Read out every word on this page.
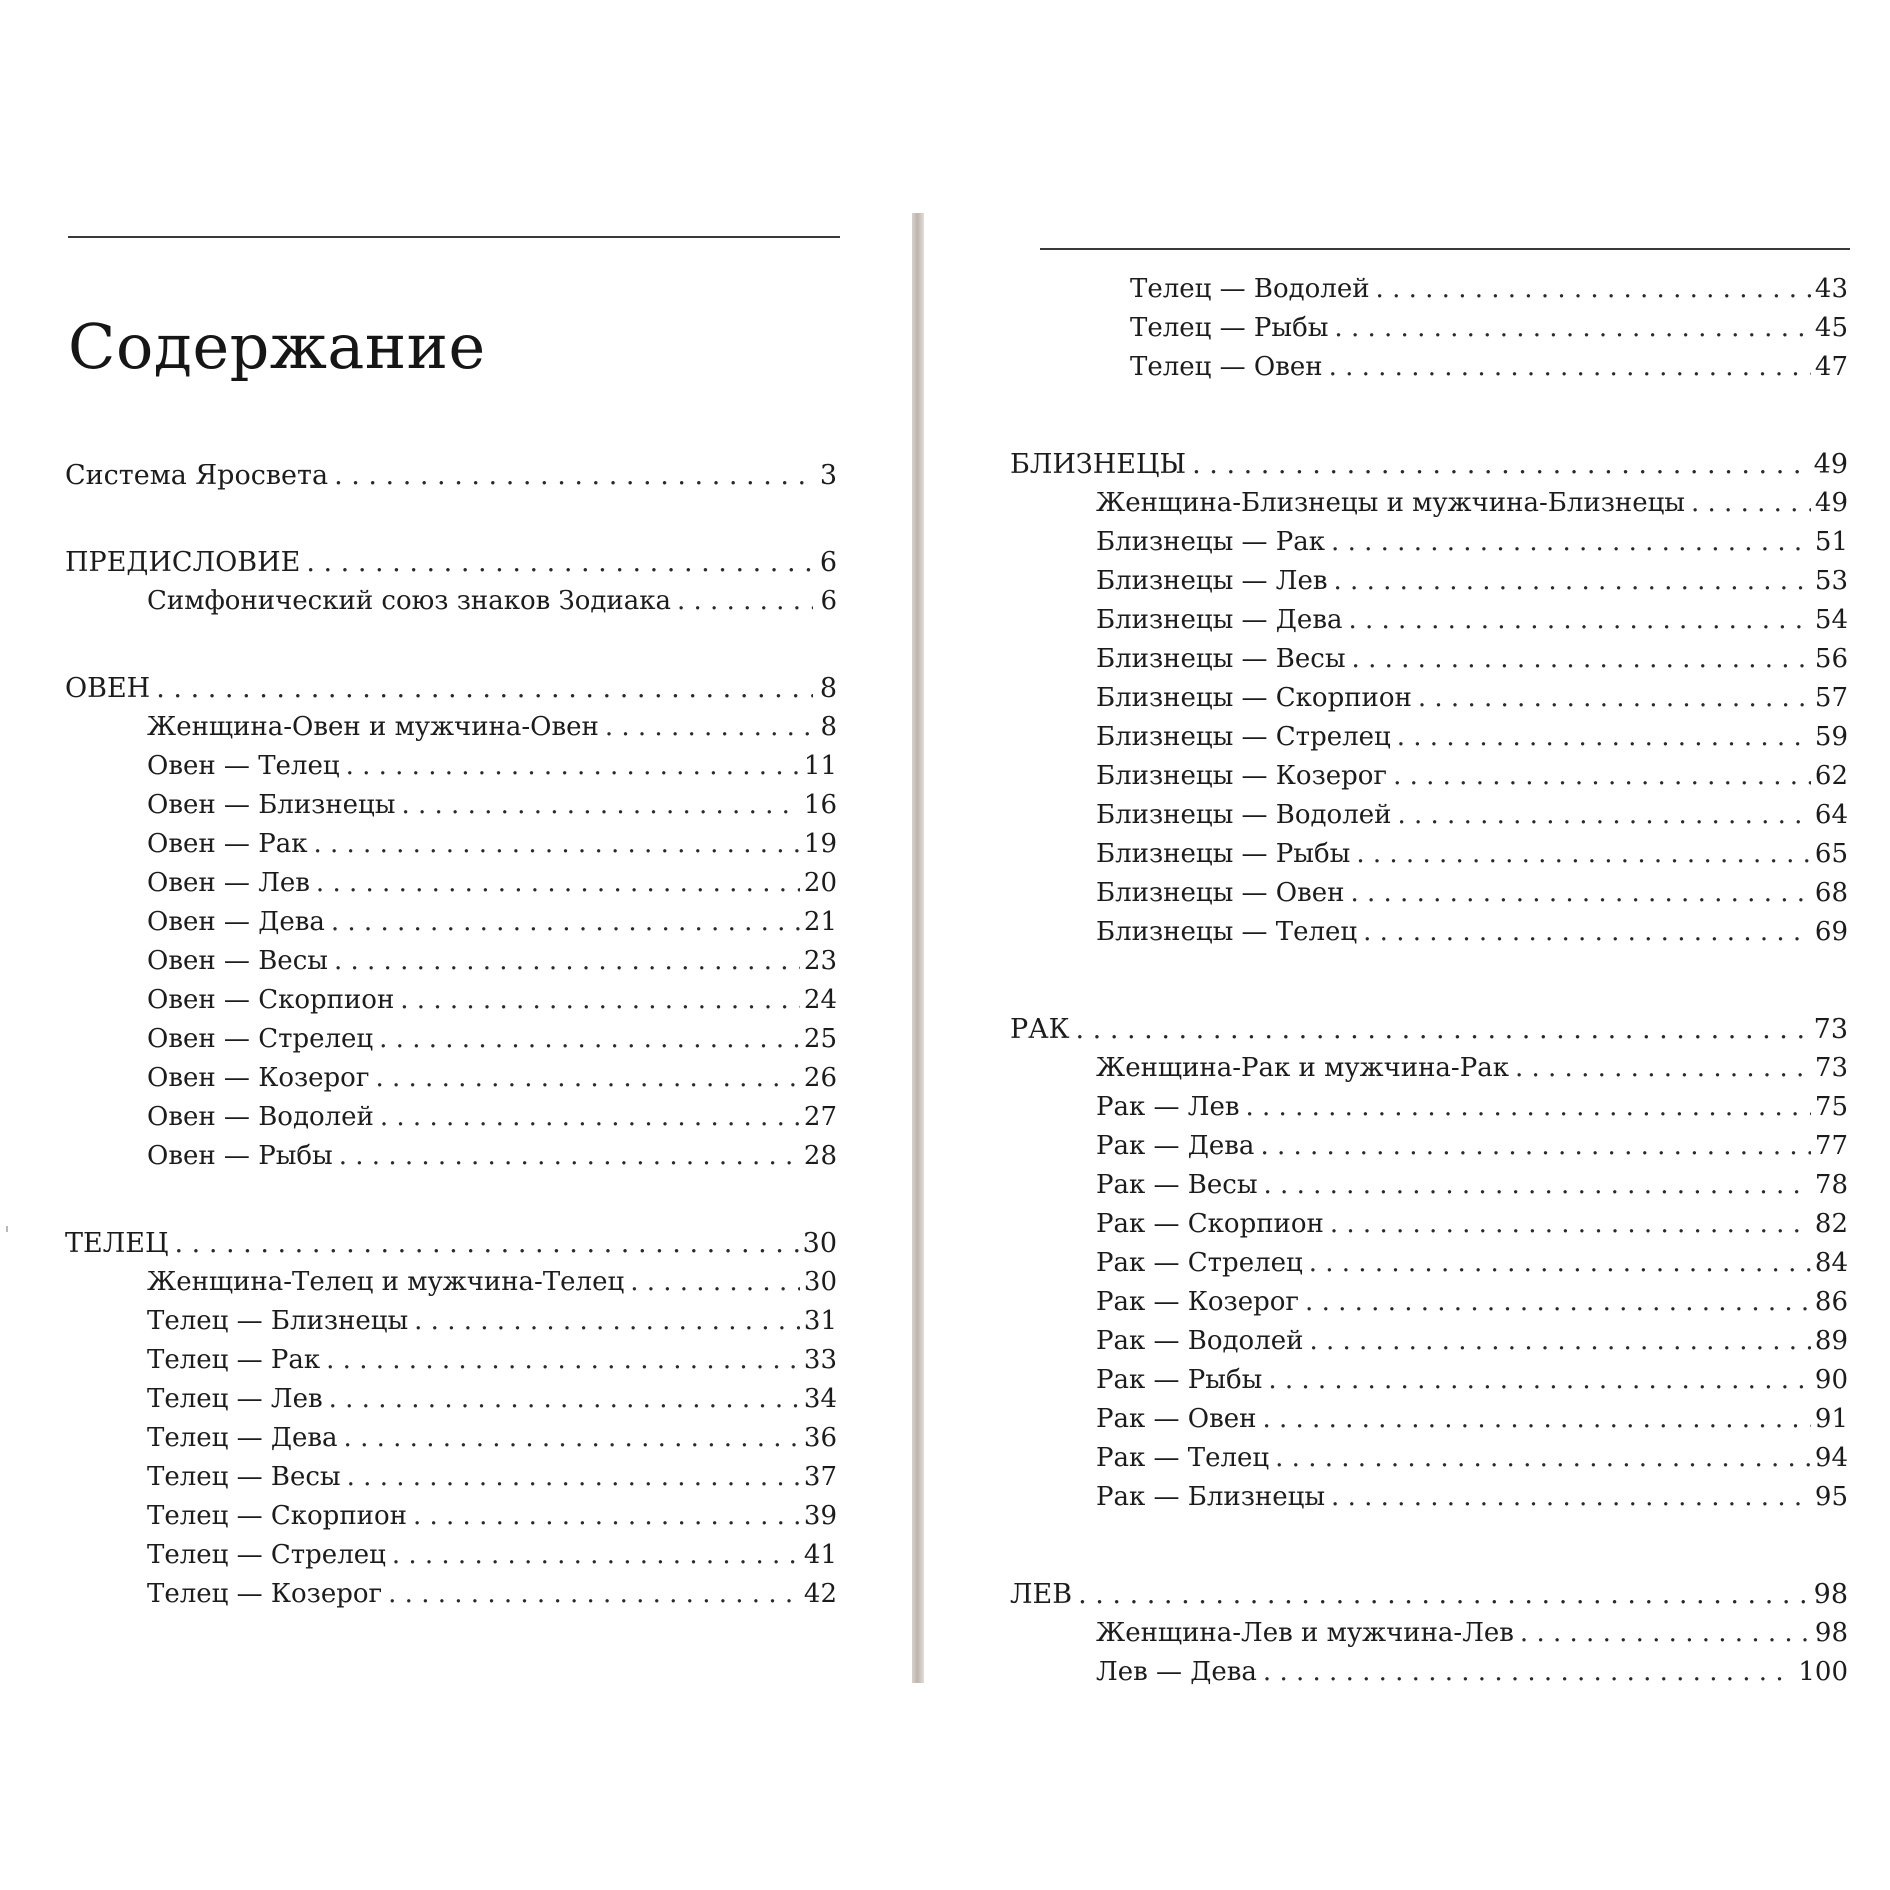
Содержание
Система Яросвета . . .	3
ПРЕДИСЛОВИЕ . . .	6
Симфонический союз знаков Зодиака . . .	6
ОВЕН . . .	8
Женщина-Овен и мужчина-Овен . . .	8
Овен — Телец . . .	11
Овен — Близнецы . . .	16
Овен — Рак . . .	19
Овен — Лев . . .	20
Овен — Дева . . .	21
Овен — Весы . . .	23
Овен — Скорпион . . .	24
Овен — Стрелец . . .	25
Овен — Козерог . . .	26
Овен — Водолей . . .	27
Овен — Рыбы . . .	28
ТЕЛЕЦ . . .	30
Женщина-Телец и мужчина-Телец . . .	30
Телец — Близнецы . . .	31
Телец — Рак . . .	33
Телец — Лев . . .	34
Телец — Дева . . .	36
Телец — Весы . . .	37
Телец — Скорпион . . .	39
Телец — Стрелец . . .	41
Телец — Козерог . . .	42
Телец — Водолей . . .	43
Телец — Рыбы . . .	45
Телец — Овен . . .	47
БЛИЗНЕЦЫ . . .	49
Женщина-Близнецы и мужчина-Близнецы . . .	49
Близнецы — Рак . . .	51
Близнецы — Лев . . .	53
Близнецы — Дева . . .	54
Близнецы — Весы . . .	56
Близнецы — Скорпион . . .	57
Близнецы — Стрелец . . .	59
Близнецы — Козерог . . .	62
Близнецы — Водолей . . .	64
Близнецы — Рыбы . . .	65
Близнецы — Овен . . .	68
Близнецы — Телец . . .	69
РАК . . .	73
Женщина-Рак и мужчина-Рак . . .	73
Рак — Лев . . .	75
Рак — Дева . . .	77
Рак — Весы . . .	78
Рак — Скорпион . . .	82
Рак — Стрелец . . .	84
Рак — Козерог . . .	86
Рак — Водолей . . .	89
Рак — Рыбы . . .	90
Рак — Овен . . .	91
Рак — Телец . . .	94
Рак — Близнецы . . .	95
ЛЕВ . . .	98
Женщина-Лев и мужчина-Лев . . .	98
Лев — Дева . . .	100
